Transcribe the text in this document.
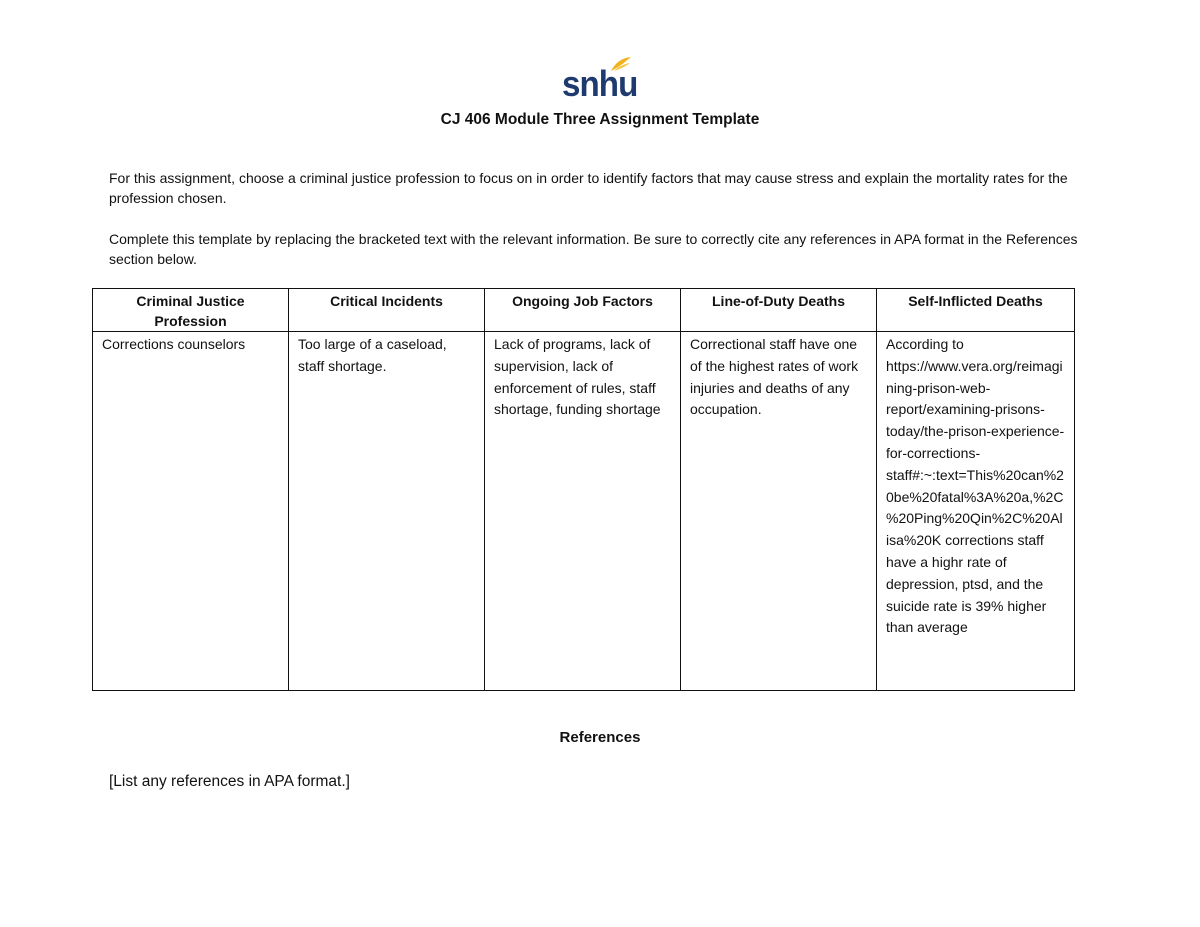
snhu
CJ 406 Module Three Assignment Template
For this assignment, choose a criminal justice profession to focus on in order to identify factors that may cause stress and explain the mortality rates for the profession chosen.
Complete this template by replacing the bracketed text with the relevant information. Be sure to correctly cite any references in APA format in the References section below.
Criminal Justice Profession	Critical Incidents	Ongoing Job Factors	Line-of-Duty Deaths	Self-Inflicted Deaths
Corrections counselors	Too large of a caseload, staff shortage.	Lack of programs, lack of supervision, lack of enforcement of rules, staff shortage, funding shortage	Correctional staff have one of the highest rates of work injuries and deaths of any occupation.	According to https://www.vera.org/reimagining-prison-web-report/examining-prisons-today/the-prison-experience-for-corrections-staff#:~:text=This%20can%20be%20fatal%3A%20a,%2C%20Ping%20Qin%2C%20Alisa%20K corrections staff have a highr rate of depression, ptsd, and the suicide rate is 39% higher than average
References
[List any references in APA format.]
